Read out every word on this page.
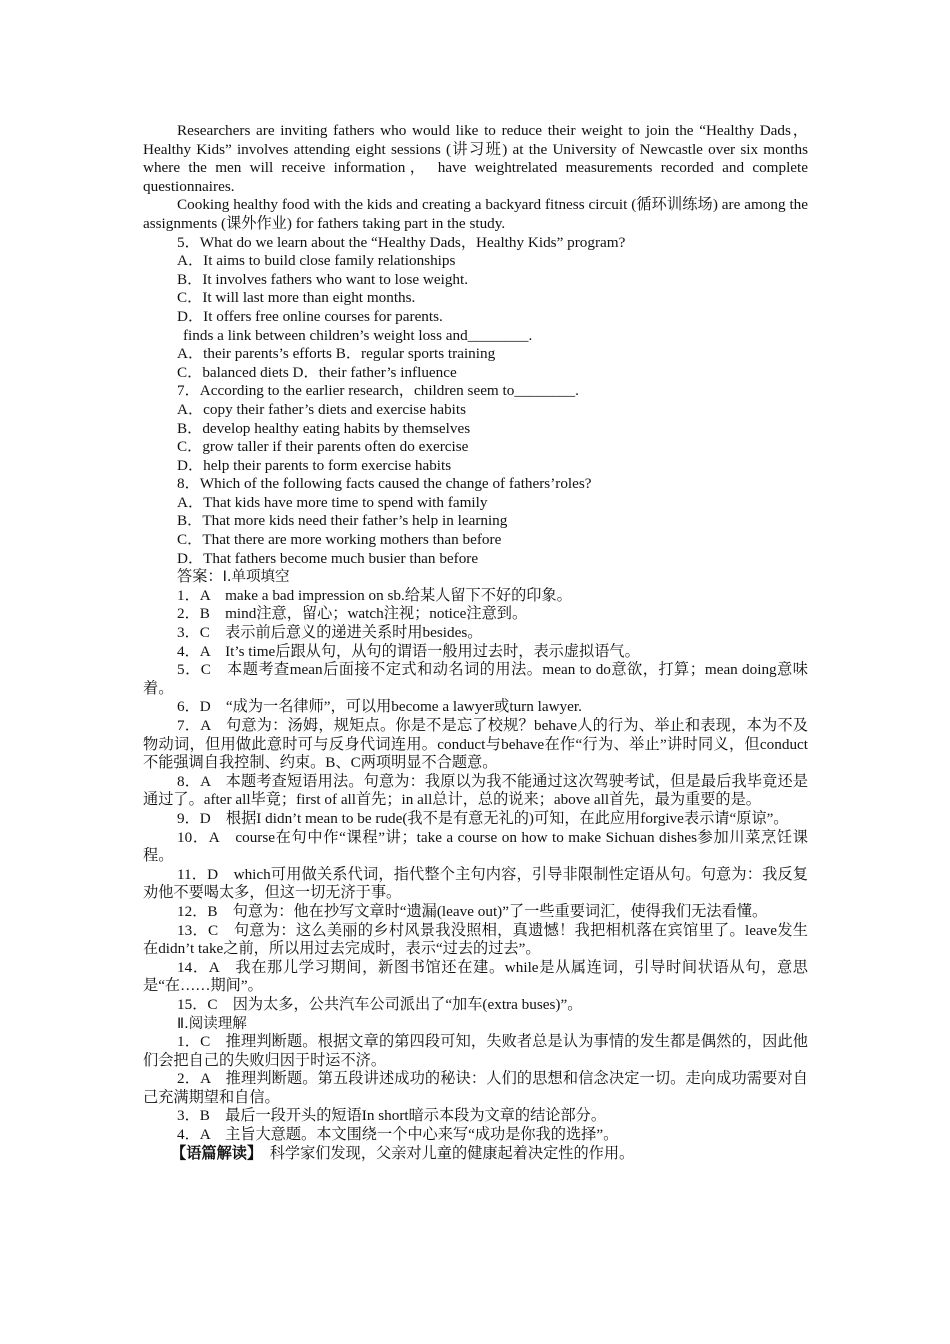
Researchers are inviting fathers who would like to reduce their weight to join the “Healthy Dads，Healthy Kids” involves attending eight sessions (讲习班) at the University of Newcastle over six months where the men will receive information， have weightrelated measurements recorded and complete questionnaires.

Cooking healthy food with the kids and creating a backyard fitness circuit (循环训练场) are among the assignments (课外作业) for fathers taking part in the study.

5．What do we learn about the “Healthy Dads，Healthy Kids” program?

A．It aims to build close family relationships

B．It involves fathers who want to lose weight.

C．It will last more than eight months.

D．It offers free online courses for parents.

finds a link between children’s weight loss and________.

A．their parents’s efforts B．regular sports training

C．balanced diets D．their father’s influence

7．According to the earlier research，children seem to________.

A．copy their father’s diets and exercise habits

B．develop healthy eating habits by themselves

C．grow taller if their parents often do exercise

D．help their parents to form exercise habits

8．Which of the following facts caused the change of fathers’roles?

A．That kids have more time to spend with family

B．That more kids need their father’s help in learning

C．That there are more working mothers than before

D．That fathers become much busier than before

答案：Ⅰ.单项填空

1．A　make a bad impression on sb.给某人留下不好的印象。

2．B　mind注意，留心；watch注视；notice注意到。

3．C　表示前后意义的递进关系时用besides。

4．A　It’s time后跟从句，从句的谓语一般用过去时，表示虚拟语气。

5．C　本题考查mean后面接不定式和动名词的用法。mean to do意欲，打算；mean doing意味着。

6．D　“成为一名律师”，可以用become a lawyer或turn lawyer.

7．A　句意为：汤姆，规矩点。你是不是忘了校规？behave人的行为、举止和表现，本为不及物动词，但用做此意时可与反身代词连用。conduct与behave在作“行为、举止”讲时同义，但conduct不能强调自我控制、约束。B、C两项明显不合题意。

8．A　本题考查短语用法。句意为：我原以为我不能通过这次驾驶考试，但是最后我毕竟还是通过了。after all毕竟；first of all首先；in all总计，总的说来；above all首先，最为重要的是。

9．D　根据I didn’t mean to be rude(我不是有意无礼的)可知，在此应用forgive表示请“原谅”。

10．A　course在句中作“课程”讲；take a course on how to make Sichuan dishes参加川菜烹饪课程。

11．D　which可用做关系代词，指代整个主句内容，引导非限制性定语从句。句意为：我反复劝他不要喝太多，但这一切无济于事。

12．B　句意为：他在抄写文章时“遗漏(leave out)”了一些重要词汇，使得我们无法看懂。

13．C　句意为：这么美丽的乡村风景我没照相，真遗憾！我把相机落在宾馆里了。leave发生在didn’t take之前，所以用过去完成时，表示“过去的过去”。

14．A　我在那儿学习期间，新图书馆还在建。while是从属连词，引导时间状语从句，意思是“在……期间”。

15．C　因为太多，公共汽车公司派出了“加车(extra buses)”。

Ⅱ.阅读理解

1．C　推理判断题。根据文章的第四段可知，失败者总是认为事情的发生都是偶然的，因此他们会把自己的失败归因于时运不济。

2．A　推理判断题。第五段讲述成功的秘诀：人们的思想和信念决定一切。走向成功需要对自己充满期望和自信。

3．B　最后一段开头的短语In short暗示本段为文章的结论部分。

4．A　主旨大意题。本文围绕一个中心来写“成功是你我的选择”。

【语篇解读】　科学家们发现，父亲对儿童的健康起着决定性的作用。
